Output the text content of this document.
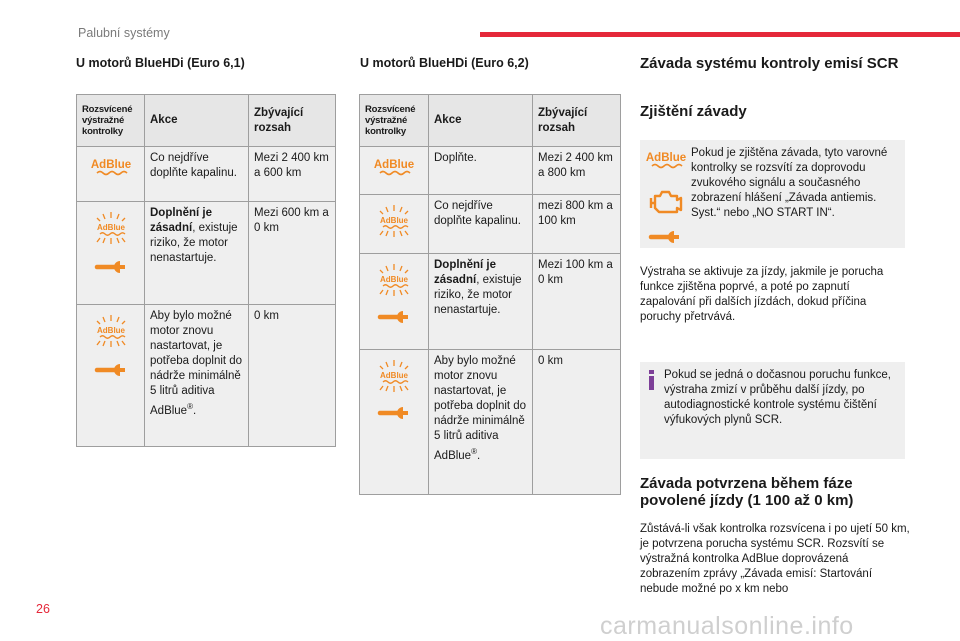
Palubní systémy
U motorů BlueHDi (Euro 6,1)
Rozsvícené výstražné kontrolky	Akce	Zbývající rozsah

AdBlue	Co nejdříve doplňte kapalinu.	Mezi 2 400 km a 600 km

AdBlue	Doplnění je zásadní, existuje riziko, že motor nenastartuje.	Mezi 600 km a 0 km

AdBlue	Aby bylo možné motor znovu nastartovat, je potřeba doplnit do nádrže minimálně 5 litrů aditiva AdBlue®.	0 km
U motorů BlueHDi (Euro 6,2)
Rozsvícené výstražné kontrolky	Akce	Zbývající rozsah

AdBlue	Doplňte.	Mezi 2 400 km a 800 km

AdBlue	Co nejdříve doplňte kapalinu.	mezi 800 km a 100 km

AdBlue	Doplnění je zásadní, existuje riziko, že motor nenastartuje.	Mezi 100 km a 0 km

AdBlue	Aby bylo možné motor znovu nastartovat, je potřeba doplnit do nádrže minimálně 5 litrů aditiva AdBlue®.	0 km
Závada systému kontroly emisí SCR
Zjištění závady
AdBlue Pokud je zjištěna závada, tyto varovné kontrolky se rozsvítí za doprovodu zvukového signálu a současného zobrazení hlášení „Závada antiemis. Syst.“ nebo „NO START IN“.
Výstraha se aktivuje za jízdy, jakmile je porucha funkce zjištěna poprvé, a poté po zapnutí zapalování při dalších jízdách, dokud příčina poruchy přetrvává.
Pokud se jedná o dočasnou poruchu funkce, výstraha zmizí v průběhu další jízdy, po autodiagnostické kontrole systému čištění výfukových plynů SCR.
Závada potvrzena během fáze povolené jízdy (1 100 až 0 km)
Zůstává-li však kontrolka rozsvícena i po ujetí 50 km, je potvrzena porucha systému SCR. Rozsvítí se výstražná kontrolka AdBlue doprovázená zobrazením zprávy „Závada emisí: Startování nebude možné po x km nebo
26
carmanualsonline.info
